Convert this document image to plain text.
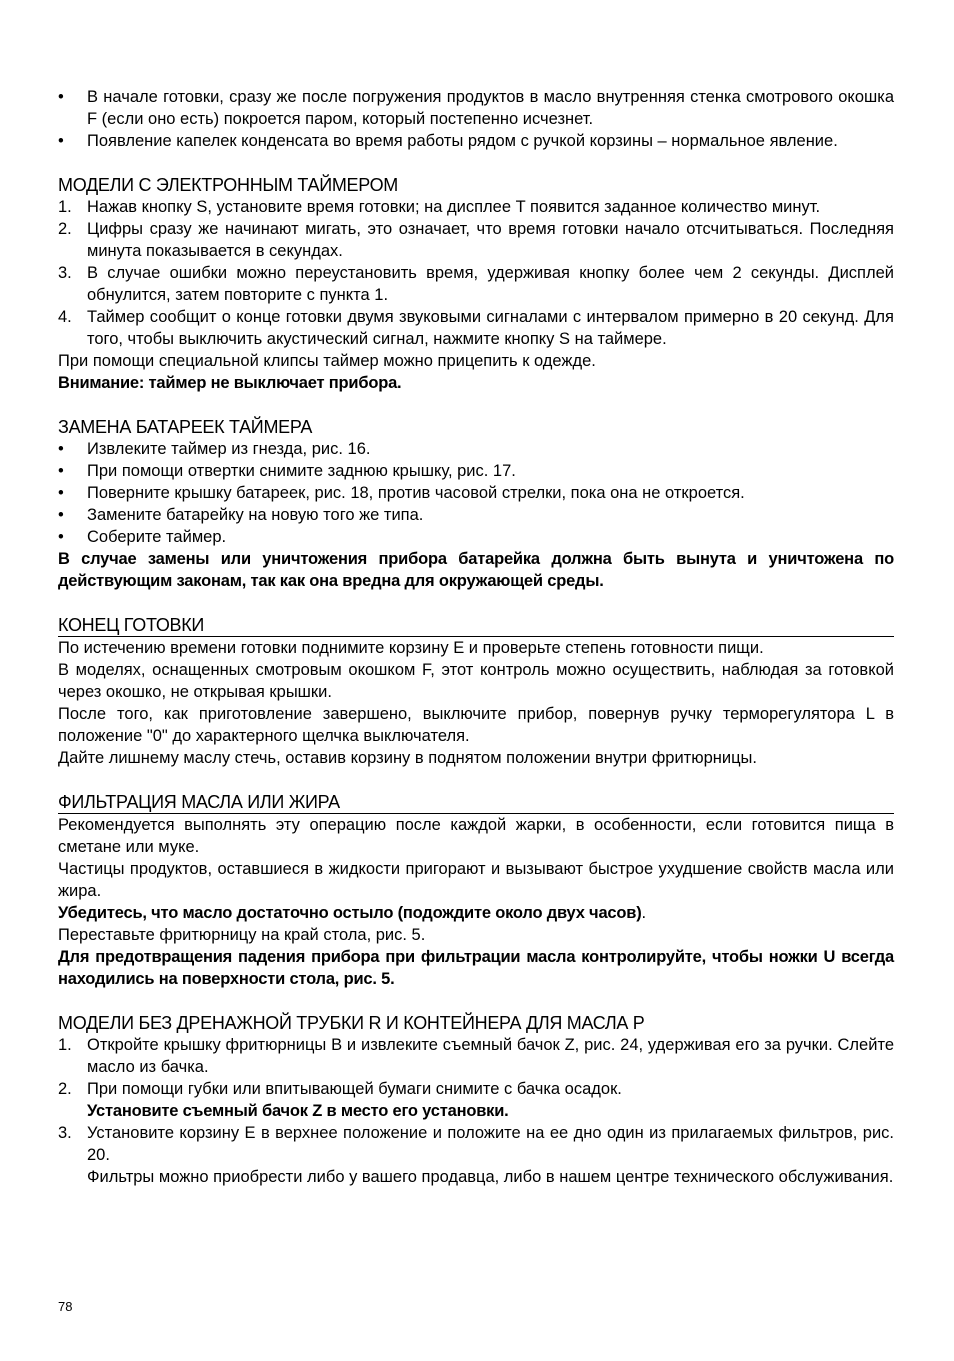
• В начале готовки, сразу же после погружения продуктов в масло внутренняя стенка смотрового окошка F (если оно есть) покроется паром, который постепенно исчезнет.
• Появление капелек конденсата во время работы рядом с ручкой корзины – нормальное явление.
МОДЕЛИ С ЭЛЕКТРОННЫМ ТАЙМЕРОМ
1. Нажав кнопку S, установите время готовки; на дисплее T появится заданное количество минут.
2. Цифры сразу же начинают мигать, это означает, что время готовки начало отсчитываться. Последняя минута показывается в секундах.
3. В случае ошибки можно переустановить время, удерживая кнопку более чем 2 секунды. Дисплей обнулится, затем повторите с пункта 1.
4. Таймер сообщит о конце готовки двумя звуковыми сигналами с интервалом примерно в 20 секунд. Для того, чтобы выключить акустический сигнал, нажмите кнопку S на таймере.

При помощи специальной клипсы таймер можно прицепить к одежде.

Внимание: таймер не выключает прибора.

ЗАМЕНА БАТАРЕЕК ТАЙМЕРА
• Извлеките таймер из гнезда, рис. 16.
• При помощи отвертки снимите заднюю крышку, рис. 17.
• Поверните крышку батареек, рис. 18, против часовой стрелки, пока она не откроется.
• Замените батарейку на новую того же типа.
• Соберите таймер.

В случае замены или уничтожения прибора батарейка должна быть вынута и уничтожена по действующим законам, так как она вредна для окружающей среды.

КОНЕЦ ГОТОВКИ

По истечению времени готовки поднимите корзину E и проверьте степень готовности пищи.

В моделях, оснащенных смотровым окошком F, этот контроль можно осуществить, наблюдая за готовкой через окошко, не открывая крышки.

После того, как приготовление завершено, выключите прибор, повернув ручку терморегулятора L в положение "0" до характерного щелчка выключателя.

Дайте лишнему маслу стечь, оставив корзину в поднятом положении внутри фритюрницы.

ФИЛЬТРАЦИЯ МАСЛА ИЛИ ЖИРА

Рекомендуется выполнять эту операцию после каждой жарки, в особенности, если готовится пища в сметане или муке.

Частицы продуктов, оставшиеся в жидкости пригорают и вызывают быстрое ухудшение свойств масла или жира.

Убедитесь, что масло достаточно остыло (подождите около двух часов).

Переставьте фритюрницу на край стола, рис. 5.

Для предотвращения падения прибора при фильтрации масла контролируйте, чтобы ножки U всегда находились на поверхности стола, рис. 5.

МОДЕЛИ БЕЗ ДРЕНАЖНОЙ ТРУБКИ R И КОНТЕЙНЕРА ДЛЯ МАСЛА P
1. Откройте крышку фритюрницы B и извлеките съемный бачок Z, рис. 24, удерживая его за ручки. Слейте масло из бачка.
2. При помощи губки или впитывающей бумаги снимите с бачка осадок.
Установите съемный бачок Z в место его установки.
3. Установите корзину E в верхнее положение и положите на ее дно один из прилагаемых фильтров, рис. 20.
Фильтры можно приобрести либо у вашего продавца, либо в нашем центре технического обслуживания.
78
